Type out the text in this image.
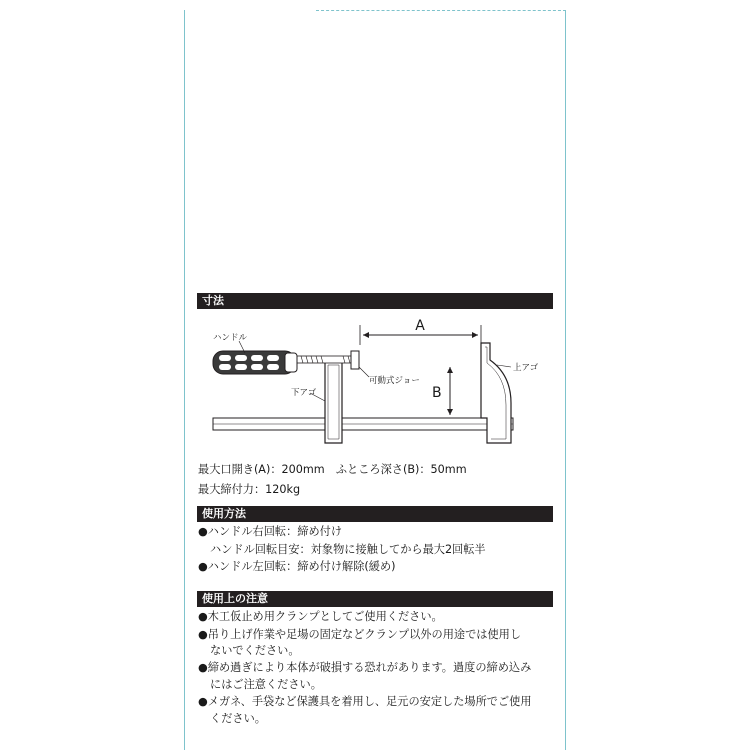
寸法
A
B
ハンドル
下アゴ
可動式ジョー
上アゴ
最大口開き(A)：200mm　ふところ深さ(B)：50mm
最大締付力：120kg
使用方法
●ハンドル右回転：締め付け
ハンドル回転目安：対象物に接触してから最大2回転半
●ハンドル左回転：締め付け解除(緩め)
使用上の注意
●木工仮止め用クランプとしてご使用ください。
●吊り上げ作業や足場の固定などクランプ以外の用途では使用し
ないでください。
●締め過ぎにより本体が破損する恐れがあります。過度の締め込み
にはご注意ください。
●メガネ、手袋など保護具を着用し、足元の安定した場所でご使用
ください。
